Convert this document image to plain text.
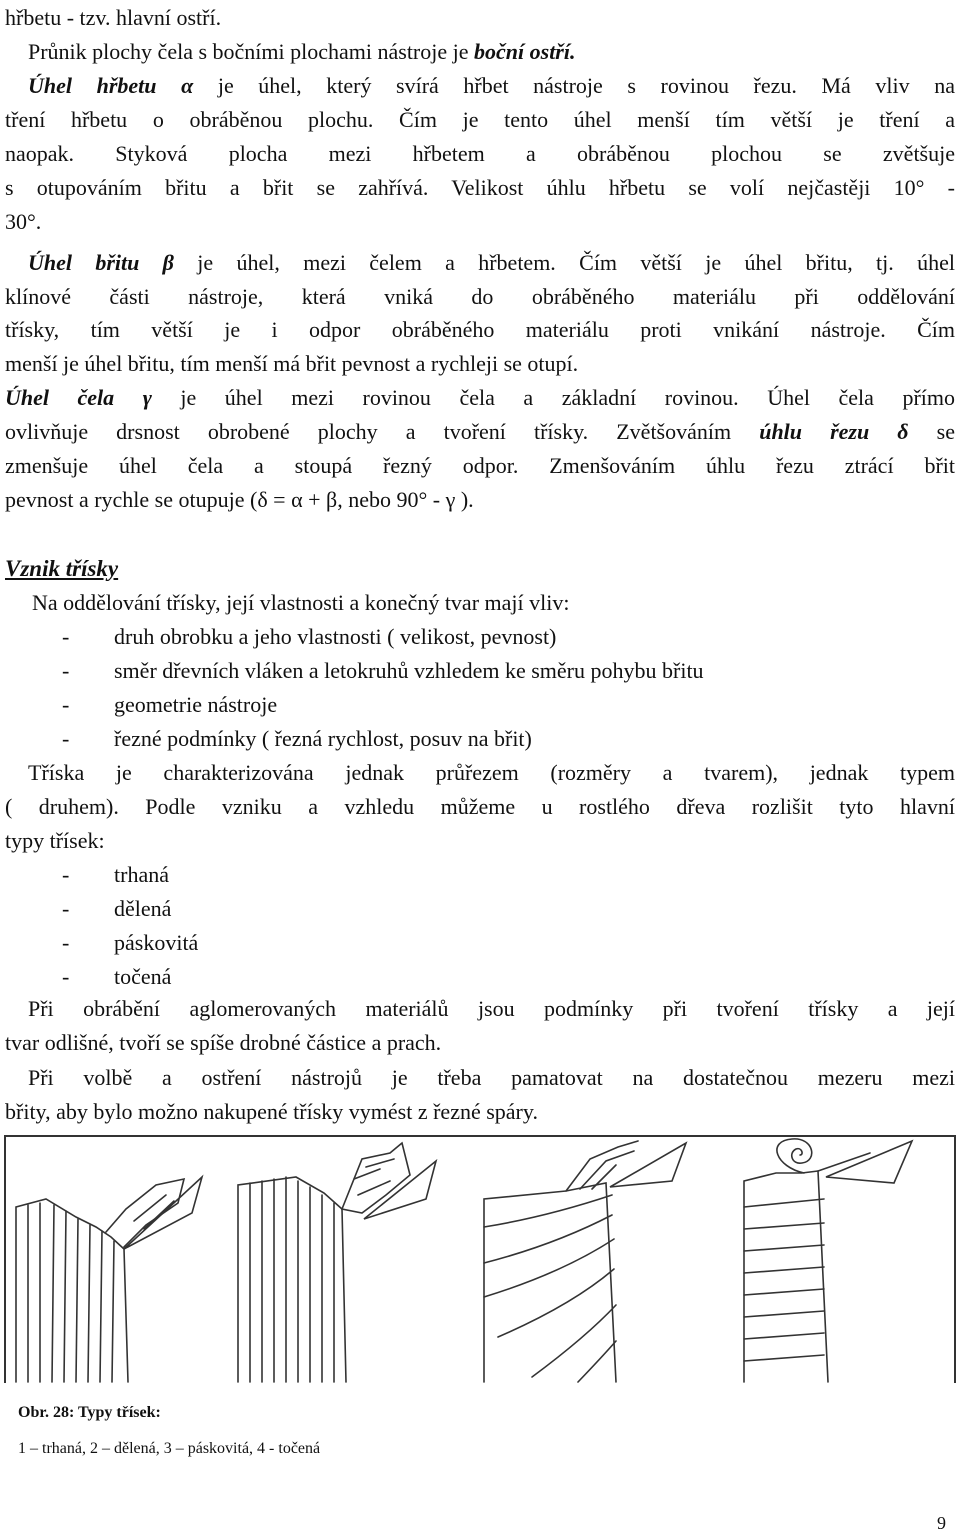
hřbetu - tzv. hlavní ostří.
Průnik plochy čela s bočními plochami nástroje je boční ostří.
Úhel hřbetu α je úhel, který svírá hřbet nástroje s rovinou řezu. Má vliv na
tření hřbetu o obráběnou plochu. Čím je tento úhel menší tím větší je tření a
naopak. Styková plocha mezi hřbetem a obráběnou plochou se zvětšuje
s otupováním břitu a břit se zahřívá. Velikost úhlu hřbetu se volí nejčastěji 10° -
30°.
Úhel břitu β je úhel, mezi čelem a hřbetem. Čím větší je úhel břitu, tj. úhel
klínové části nástroje, která vniká do obráběného materiálu při oddělování
třísky, tím větší je i odpor obráběného materiálu proti vnikání nástroje. Čím
menší je úhel břitu, tím menší má břit pevnost a rychleji se otupí.
Úhel čela γ je úhel mezi rovinou čela a základní rovinou. Úhel čela přímo
ovlivňuje drsnost obrobené plochy a tvoření třísky. Zvětšováním úhlu řezu δ se
zmenšuje úhel čela a stoupá řezný odpor. Zmenšováním úhlu řezu ztrácí břit
pevnost a rychle se otupuje (δ = α + β, nebo 90° - γ ).
Vznik třísky
Na oddělování třísky, její vlastnosti a konečný tvar mají vliv:
- druh obrobku a jeho vlastnosti ( velikost, pevnost)
- směr dřevních vláken a letokruhů vzhledem ke směru pohybu břitu
- geometrie nástroje
- řezné podmínky ( řezná rychlost, posuv na břit)
Tříska je charakterizována jednak průřezem (rozměry a tvarem), jednak typem
( druhem). Podle vzniku a vzhledu můžeme u rostlého dřeva rozlišit tyto hlavní
typy třísek:
- trhaná
- dělená
- páskovitá
- točená
Při obrábění aglomerovaných materiálů jsou podmínky při tvoření třísky a její
tvar odlišné, tvoří se spíše drobné částice a prach.
Při volbě a ostření nástrojů je třeba pamatovat na dostatečnou mezeru mezi
břity, aby bylo možno nakupené třísky vymést z řezné spáry.
Obr. 28: Typy třísek:
1 – trhaná, 2 – dělená, 3 – páskovitá, 4 - točená
9
